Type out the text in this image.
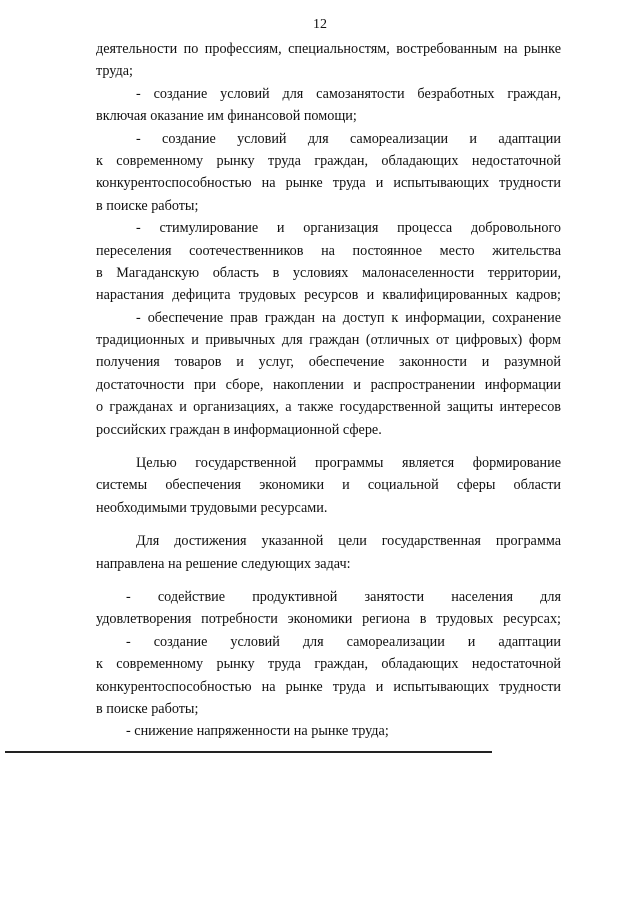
12
деятельности по профессиям, специальностям, востребованным на рынке
труда;
- создание условий для самозанятости безработных граждан,
включая оказание им финансовой помощи;
- создание условий для самореализации и адаптации
к современному рынку труда граждан, обладающих недостаточной
конкурентоспособностью на рынке труда и испытывающих трудности
в поиске работы;
- стимулирование и организация процесса добровольного
переселения соотечественников на постоянное место жительства
в Магаданскую область в условиях малонаселенности территории,
нарастания дефицита трудовых ресурсов и квалифицированных кадров;
- обеспечение прав граждан на доступ к информации, сохранение
традиционных и привычных для граждан (отличных от цифровых) форм
получения товаров и услуг, обеспечение законности и разумной
достаточности при сборе, накоплении и распространении информации
о гражданах и организациях, а также государственной защиты интересов
российских граждан в информационной сфере.
Целью государственной программы является формирование
системы обеспечения экономики и социальной сферы области
необходимыми трудовыми ресурсами.
Для достижения указанной цели государственная программа
направлена на решение следующих задач:
- содействие продуктивной занятости населения для
удовлетворения потребности экономики региона в трудовых ресурсах;
- создание условий для самореализации и адаптации
к современному рынку труда граждан, обладающих недостаточной
конкурентоспособностью на рынке труда и испытывающих трудности
в поиске работы;
- снижение напряженности на рынке труда;
